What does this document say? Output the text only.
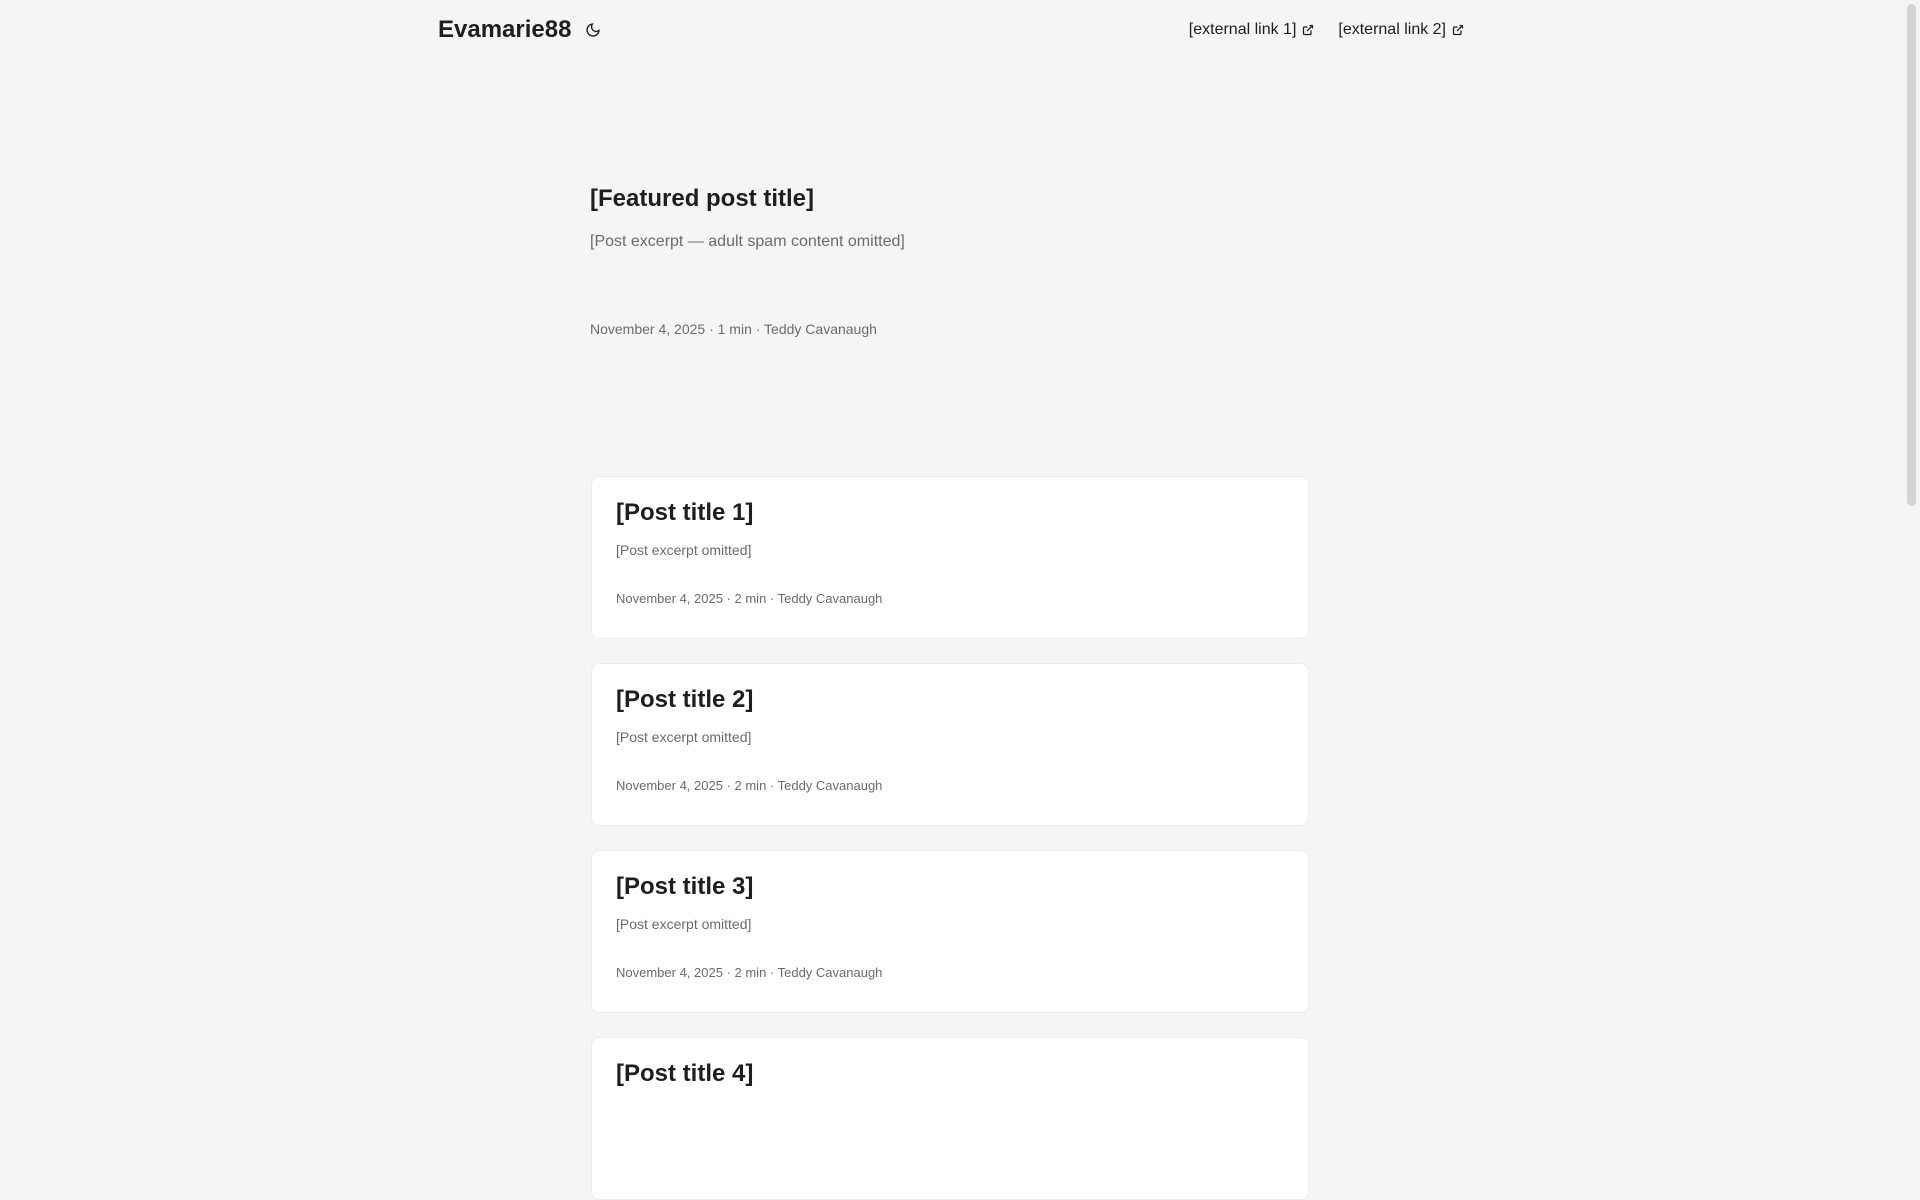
Evamarie88	[external link 1]	[external link 2]
[Featured post title]

[Post excerpt — adult spam content omitted]

November 4, 2025 · 1 min · Teddy Cavanaugh
[Post title 1]

[Post excerpt omitted]

November 4, 2025 · 2 min · Teddy Cavanaugh
[Post title 2]

[Post excerpt omitted]

November 4, 2025 · 2 min · Teddy Cavanaugh
[Post title 3]

[Post excerpt omitted]

November 4, 2025 · 2 min · Teddy Cavanaugh
[Post title 4]
